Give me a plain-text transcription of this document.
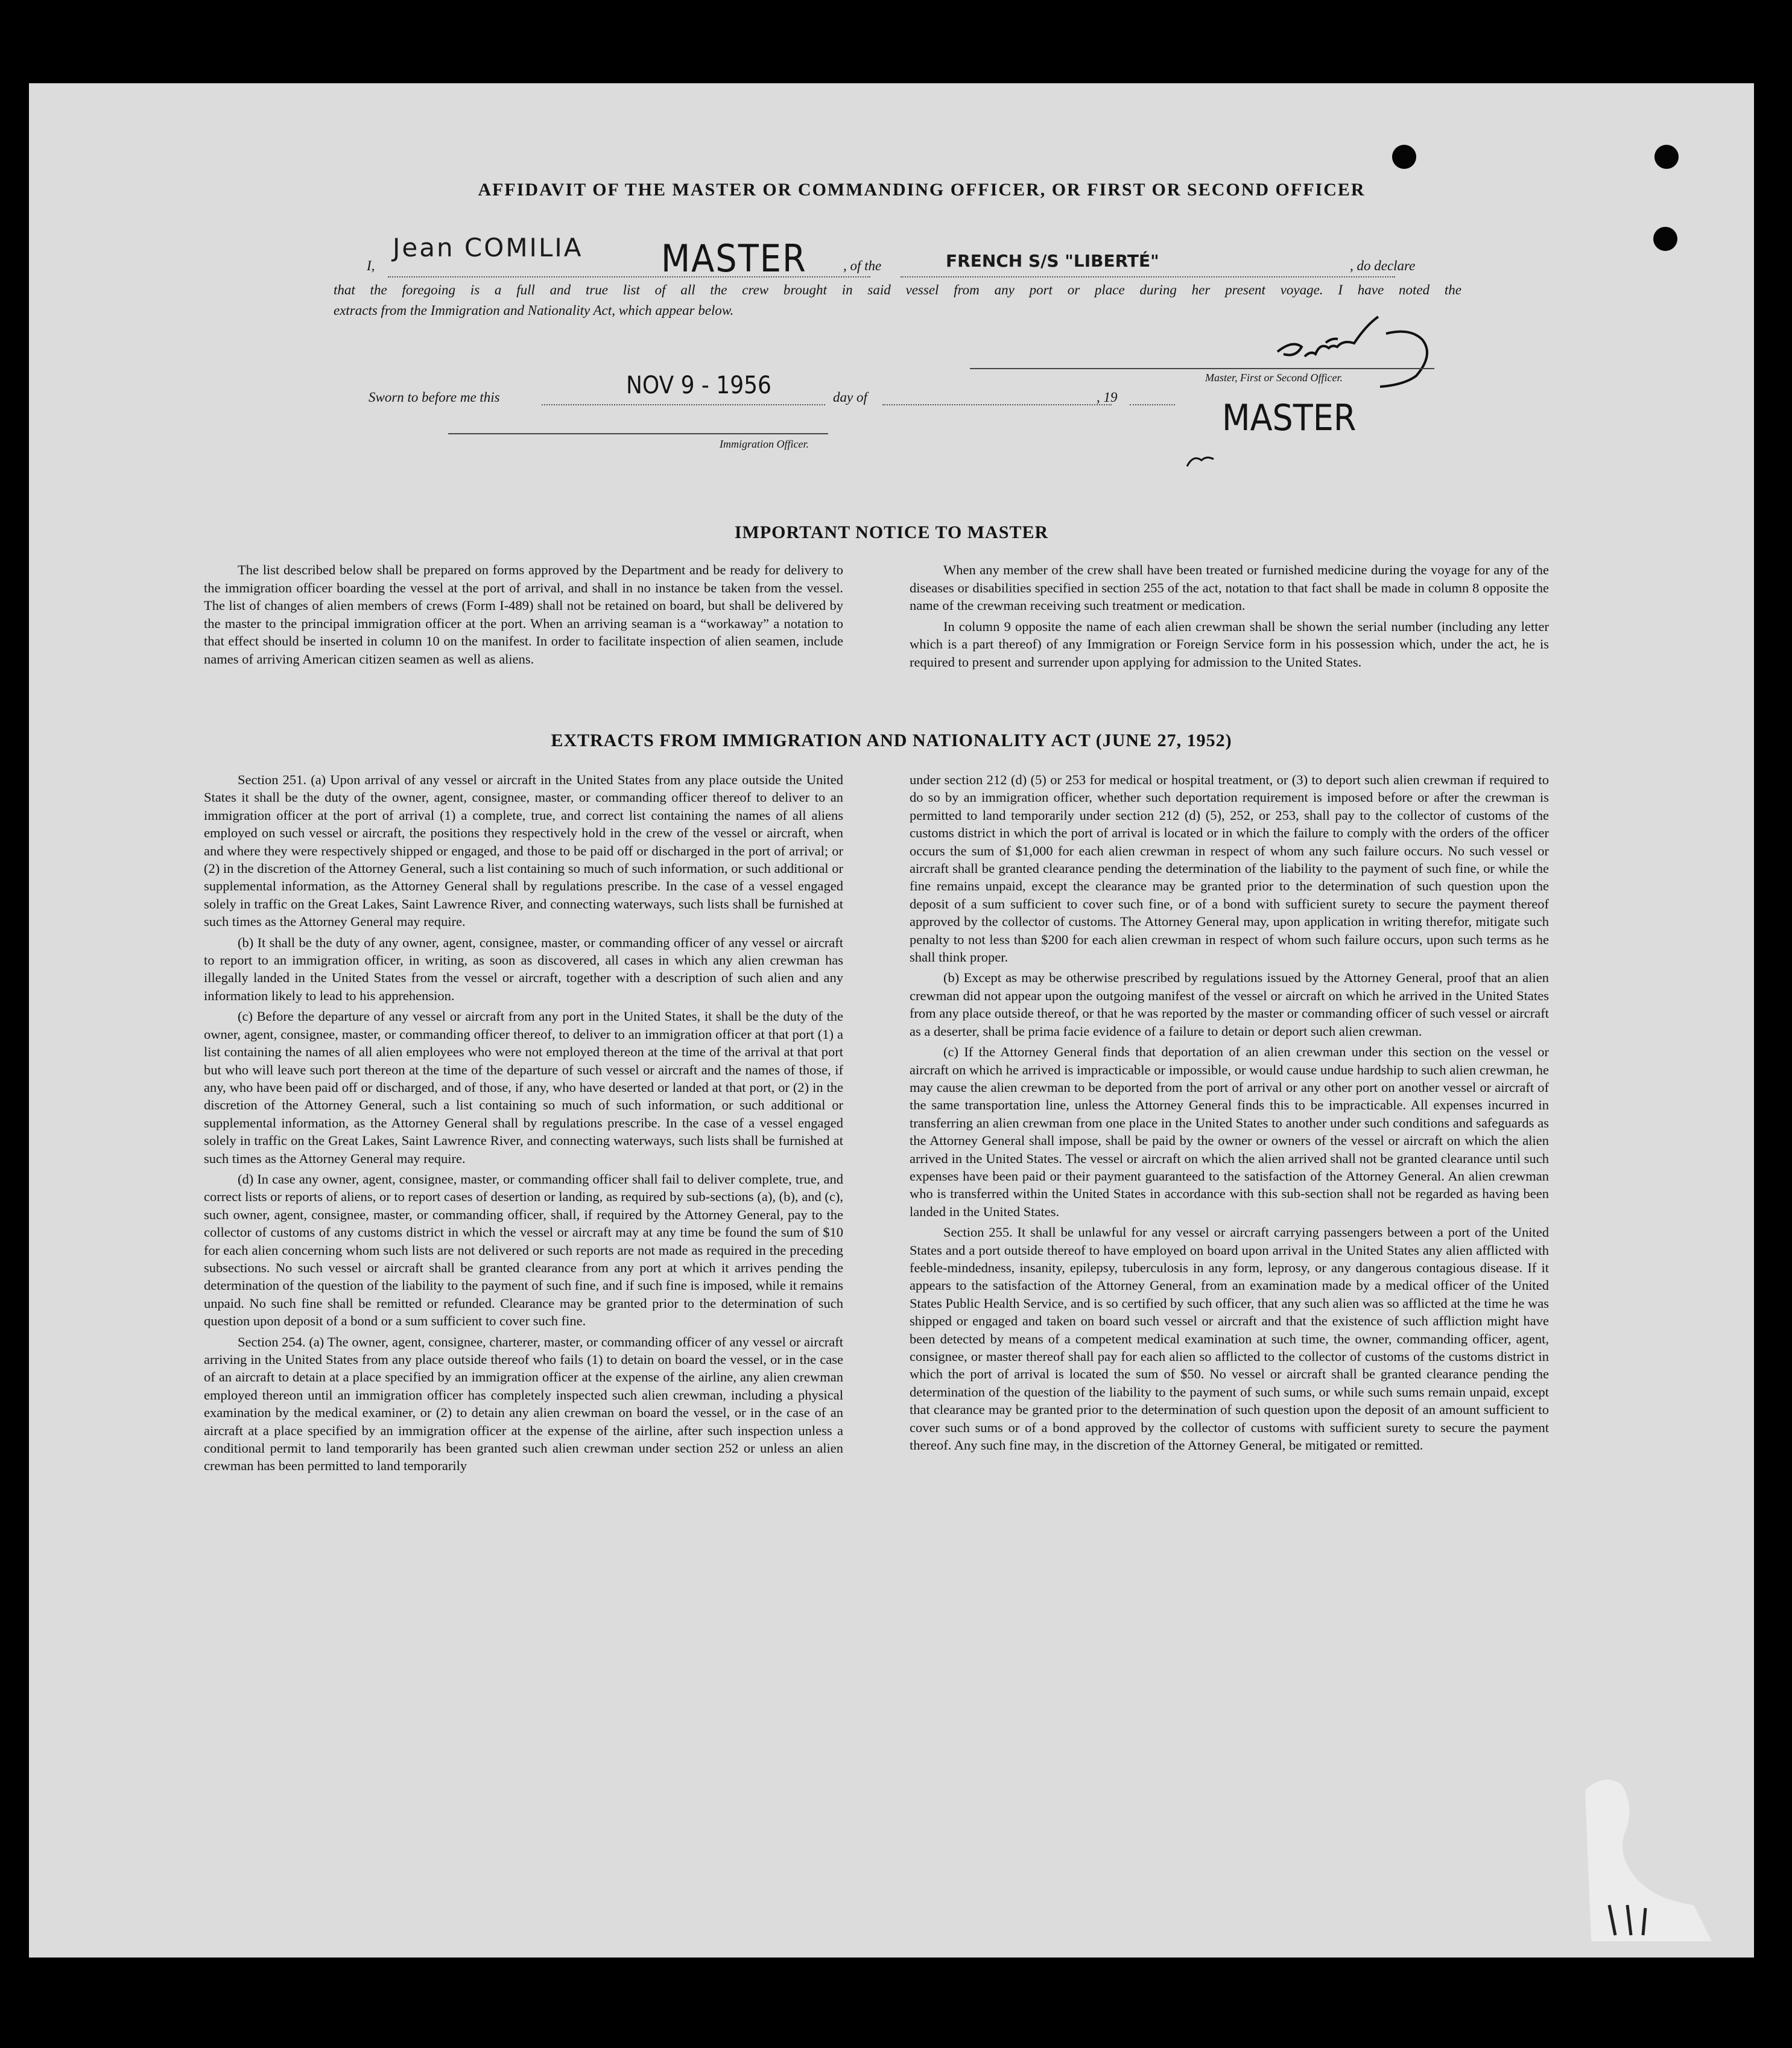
AFFIDAVIT OF THE MASTER OR COMMANDING OFFICER, OR FIRST OR SECOND OFFICER
I,
Jean COMILIA MASTER	, of the	FRENCH S/S "LIBERTÉ"	, do declare
that the foregoing is a full and true list of all the crew brought in said vessel from any port or place during her present voyage. I have noted the
extracts from the Immigration and Nationality Act, which appear below.
Master, First or Second Officer.
Sworn to before me this	NOV 9 - 1956	day of	, 19	MASTER
Immigration Officer.
IMPORTANT NOTICE TO MASTER

The list described below shall be prepared on forms approved by the Department and be ready for delivery to the immigration officer boarding the vessel at the port of arrival, and shall in no instance be taken from the vessel. The list of changes of alien members of crews (Form I-489) shall not be retained on board, but shall be delivered by the master to the principal immigration officer at the port. When an arriving seaman is a “workaway” a notation to that effect should be inserted in column 10 on the manifest. In order to facilitate inspection of alien seamen, include names of arriving American citizen seamen as well as aliens.

When any member of the crew shall have been treated or furnished medicine during the voyage for any of the diseases or disabilities specified in section 255 of the act, notation to that fact shall be made in column 8 opposite the name of the crewman receiving such treatment or medication.

In column 9 opposite the name of each alien crewman shall be shown the serial number (including any letter which is a part thereof) of any Immigration or Foreign Service form in his possession which, under the act, he is required to present and surrender upon applying for admission to the United States.

EXTRACTS FROM IMMIGRATION AND NATIONALITY ACT (JUNE 27, 1952)

Section 251. (a) Upon arrival of any vessel or aircraft in the United States from any place outside the United States it shall be the duty of the owner, agent, consignee, master, or commanding officer thereof to deliver to an immigration officer at the port of arrival (1) a complete, true, and correct list containing the names of all aliens employed on such vessel or aircraft, the positions they respectively hold in the crew of the vessel or aircraft, when and where they were respectively shipped or engaged, and those to be paid off or discharged in the port of arrival; or (2) in the discretion of the Attorney General, such a list containing so much of such information, or such additional or supplemental information, as the Attorney General shall by regulations prescribe. In the case of a vessel engaged solely in traffic on the Great Lakes, Saint Lawrence River, and connecting waterways, such lists shall be furnished at such times as the Attorney General may require.

(b) It shall be the duty of any owner, agent, consignee, master, or commanding officer of any vessel or aircraft to report to an immigration officer, in writing, as soon as discovered, all cases in which any alien crewman has illegally landed in the United States from the vessel or aircraft, together with a description of such alien and any information likely to lead to his apprehension.

(c) Before the departure of any vessel or aircraft from any port in the United States, it shall be the duty of the owner, agent, consignee, master, or commanding officer thereof, to deliver to an immigration officer at that port (1) a list containing the names of all alien employees who were not employed thereon at the time of the arrival at that port but who will leave such port thereon at the time of the departure of such vessel or aircraft and the names of those, if any, who have been paid off or discharged, and of those, if any, who have deserted or landed at that port, or (2) in the discretion of the Attorney General, such a list containing so much of such information, or such additional or supplemental information, as the Attorney General shall by regulations prescribe. In the case of a vessel engaged solely in traffic on the Great Lakes, Saint Lawrence River, and connecting waterways, such lists shall be furnished at such times as the Attorney General may require.

(d) In case any owner, agent, consignee, master, or commanding officer shall fail to deliver complete, true, and correct lists or reports of aliens, or to report cases of desertion or landing, as required by sub-sections (a), (b), and (c), such owner, agent, consignee, master, or commanding officer, shall, if required by the Attorney General, pay to the collector of customs of any customs district in which the vessel or aircraft may at any time be found the sum of $10 for each alien concerning whom such lists are not delivered or such reports are not made as required in the preceding subsections. No such vessel or aircraft shall be granted clearance from any port at which it arrives pending the determination of the question of the liability to the payment of such fine, and if such fine is imposed, while it remains unpaid. No such fine shall be remitted or refunded. Clearance may be granted prior to the determination of such question upon deposit of a bond or a sum sufficient to cover such fine.

Section 254. (a) The owner, agent, consignee, charterer, master, or commanding officer of any vessel or aircraft arriving in the United States from any place outside thereof who fails (1) to detain on board the vessel, or in the case of an aircraft to detain at a place specified by an immigration officer at the expense of the airline, any alien crewman employed thereon until an immigration officer has completely inspected such alien crewman, including a physical examination by the medical examiner, or (2) to detain any alien crewman on board the vessel, or in the case of an aircraft at a place specified by an immigration officer at the expense of the airline, after such inspection unless a conditional permit to land temporarily has been granted such alien crewman under section 252 or unless an alien crewman has been permitted to land temporarily

under section 212 (d) (5) or 253 for medical or hospital treatment, or (3) to deport such alien crewman if required to do so by an immigration officer, whether such deportation requirement is imposed before or after the crewman is permitted to land temporarily under section 212 (d) (5), 252, or 253, shall pay to the collector of customs of the customs district in which the port of arrival is located or in which the failure to comply with the orders of the officer occurs the sum of $1,000 for each alien crewman in respect of whom any such failure occurs. No such vessel or aircraft shall be granted clearance pending the determination of the liability to the payment of such fine, or while the fine remains unpaid, except the clearance may be granted prior to the determination of such question upon the deposit of a sum sufficient to cover such fine, or of a bond with sufficient surety to secure the payment thereof approved by the collector of customs. The Attorney General may, upon application in writing therefor, mitigate such penalty to not less than $200 for each alien crewman in respect of whom such failure occurs, upon such terms as he shall think proper.

(b) Except as may be otherwise prescribed by regulations issued by the Attorney General, proof that an alien crewman did not appear upon the outgoing manifest of the vessel or aircraft on which he arrived in the United States from any place outside thereof, or that he was reported by the master or commanding officer of such vessel or aircraft as a deserter, shall be prima facie evidence of a failure to detain or deport such alien crewman.

(c) If the Attorney General finds that deportation of an alien crewman under this section on the vessel or aircraft on which he arrived is impracticable or impossible, or would cause undue hardship to such alien crewman, he may cause the alien crewman to be deported from the port of arrival or any other port on another vessel or aircraft of the same transportation line, unless the Attorney General finds this to be impracticable. All expenses incurred in transferring an alien crewman from one place in the United States to another under such conditions and safeguards as the Attorney General shall impose, shall be paid by the owner or owners of the vessel or aircraft on which the alien arrived in the United States. The vessel or aircraft on which the alien arrived shall not be granted clearance until such expenses have been paid or their payment guaranteed to the satisfaction of the Attorney General. An alien crewman who is transferred within the United States in accordance with this sub-section shall not be regarded as having been landed in the United States.

Section 255. It shall be unlawful for any vessel or aircraft carrying passengers between a port of the United States and a port outside thereof to have employed on board upon arrival in the United States any alien afflicted with feeble-mindedness, insanity, epilepsy, tuberculosis in any form, leprosy, or any dangerous contagious disease. If it appears to the satisfaction of the Attorney General, from an examination made by a medical officer of the United States Public Health Service, and is so certified by such officer, that any such alien was so afflicted at the time he was shipped or engaged and taken on board such vessel or aircraft and that the existence of such affliction might have been detected by means of a competent medical examination at such time, the owner, commanding officer, agent, consignee, or master thereof shall pay for each alien so afflicted to the collector of customs of the customs district in which the port of arrival is located the sum of $50. No vessel or aircraft shall be granted clearance pending the determination of the question of the liability to the payment of such sums, or while such sums remain unpaid, except that clearance may be granted prior to the determination of such question upon the deposit of an amount sufficient to cover such sums or of a bond approved by the collector of customs with sufficient surety to secure the payment thereof. Any such fine may, in the discretion of the Attorney General, be mitigated or remitted.
